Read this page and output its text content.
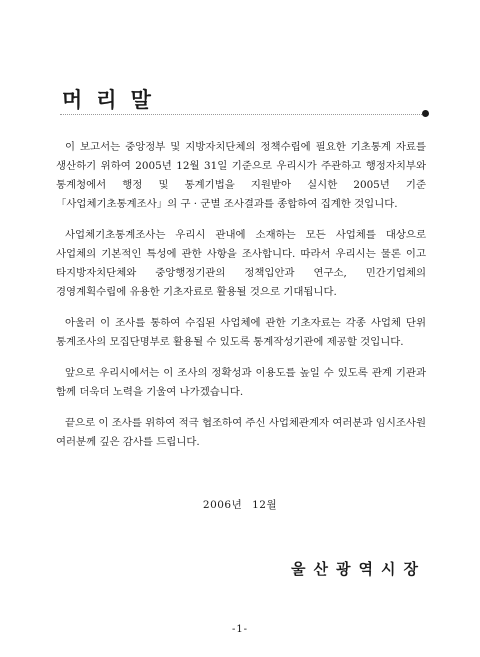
머리말

이 보고서는 중앙정부 및 지방자치단체의 정책수립에 필요한 기초통계 자료를 생산하기 위하여 2005년 12월 31일 기준으로 우리시가 주관하고 행정자치부와 통계청에서 행정 및 통계기법을 지원받아 실시한 2005년 기준 「사업체기초통계조사」의 구 · 군별 조사결과를 종합하여 집계한 것입니다.

사업체기초통계조사는 우리시 관내에 소재하는 모든 사업체를 대상으로 사업체의 기본적인 특성에 관한 사항을 조사합니다. 따라서 우리시는 물론 이고 타지방자치단체와 중앙행정기관의 정책입안과 연구소, 민간기업체의 경영계획수립에 유용한 기초자료로 활용될 것으로 기대됩니다.

아울러 이 조사를 통하여 수집된 사업체에 관한 기초자료는 각종 사업체 단위 통계조사의 모집단명부로 활용될 수 있도록 통계작성기관에 제공할 것입니다.

앞으로 우리시에서는 이 조사의 정확성과 이용도를 높일 수 있도록 관계 기관과 함께 더욱더 노력을 기울여 나가겠습니다.

끝으로 이 조사를 위하여 적극 협조하여 주신 사업체관계자 여러분과 임시조사원 여러분께 깊은 감사를 드립니다.

2006년 12월
울산광역시장
-1-
